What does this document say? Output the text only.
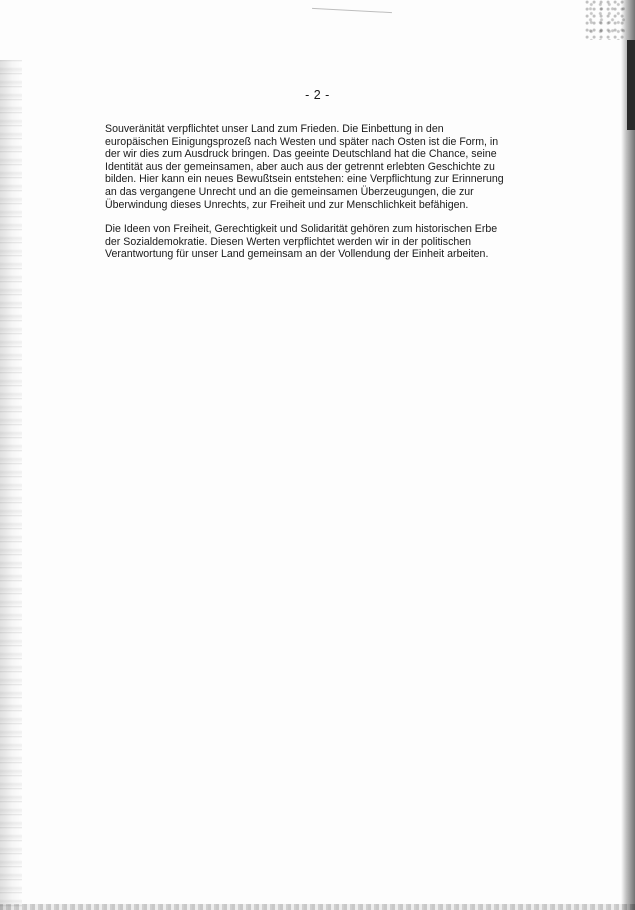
- 2 -
Souveränität verpflichtet unser Land zum Frieden. Die Einbettung in den
europäischen Einigungsprozeß nach Westen und später nach Osten ist die Form, in
der wir dies zum Ausdruck bringen. Das geeinte Deutschland hat die Chance, seine
Identität aus der gemeinsamen, aber auch aus der getrennt erlebten Geschichte zu
bilden. Hier kann ein neues Bewußtsein entstehen: eine Verpflichtung zur Erinnerung
an das vergangene Unrecht und an die gemeinsamen Überzeugungen, die zur
Überwindung dieses Unrechts, zur Freiheit und zur Menschlichkeit befähigen.
Die Ideen von Freiheit, Gerechtigkeit und Solidarität gehören zum historischen Erbe
der Sozialdemokratie. Diesen Werten verpflichtet werden wir in der politischen
Verantwortung für unser Land gemeinsam an der Vollendung der Einheit arbeiten.
